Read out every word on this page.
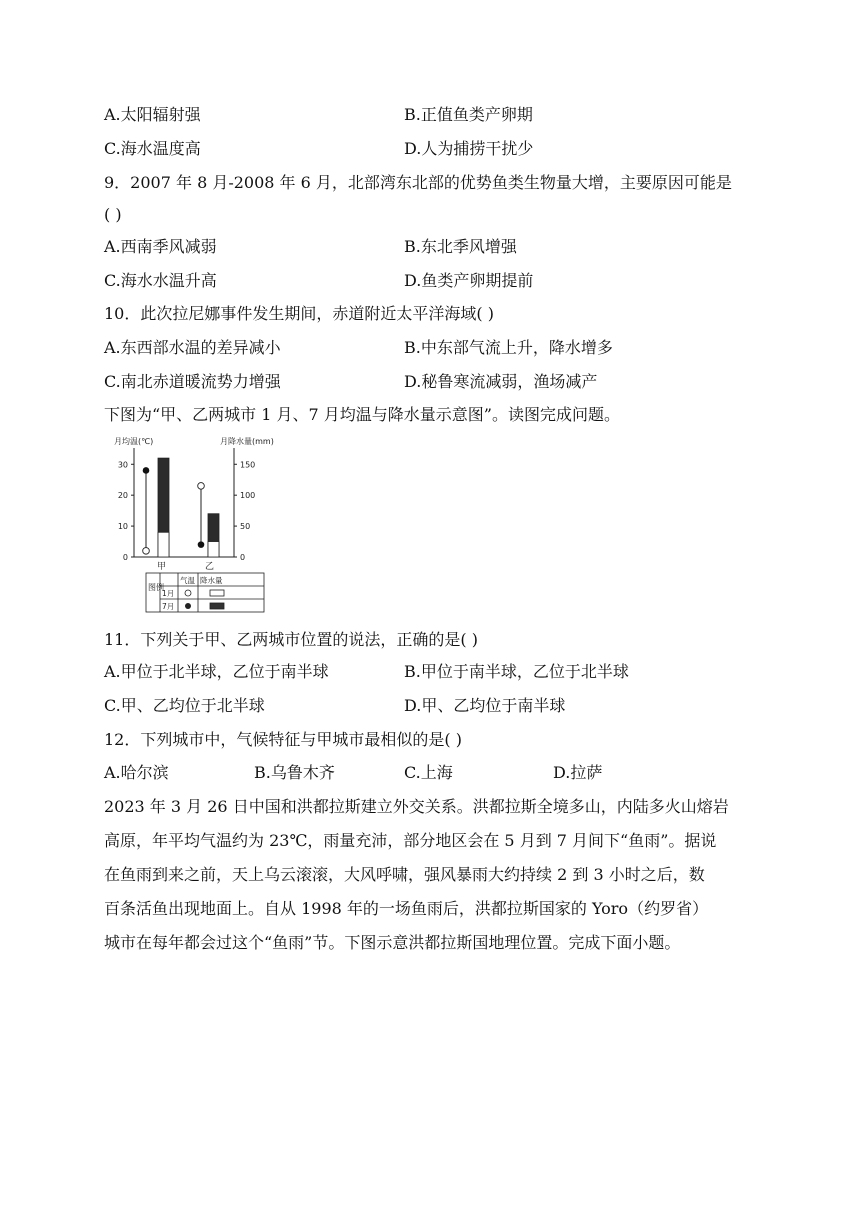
A.太阳辐射强	B.正值鱼类产卵期
C.海水温度高	D.人为捕捞干扰少
9．2007 年 8 月-2008 年 6 月，北部湾东北部的优势鱼类生物量大增，主要原因可能是
( )
A.西南季风减弱	B.东北季风增强
C.海水水温升高	D.鱼类产卵期提前
10．此次拉尼娜事件发生期间，赤道附近太平洋海域( )
A.东西部水温的差异减小	B.中东部气流上升，降水增多
C.南北赤道暖流势力增强	D.秘鲁寒流减弱，渔场减产
下图为“甲、乙两城市 1 月、7 月均温与降水量示意图”。读图完成问题。
月均温(℃)	月降水量(mm)
0
10
20
30
0
50
100
150
甲	乙
图例
气温 降水量
1月
7月
11．下列关于甲、乙两城市位置的说法，正确的是( )
A.甲位于北半球，乙位于南半球	B.甲位于南半球，乙位于北半球
C.甲、乙均位于北半球	D.甲、乙均位于南半球
12．下列城市中，气候特征与甲城市最相似的是( )
A.哈尔滨	B.乌鲁木齐	C.上海	D.拉萨
2023 年 3 月 26 日中国和洪都拉斯建立外交关系。洪都拉斯全境多山，内陆多火山熔岩
高原，年平均气温约为 23℃，雨量充沛，部分地区会在 5 月到 7 月间下“鱼雨”。据说
在鱼雨到来之前，天上乌云滚滚，大风呼啸，强风暴雨大约持续 2 到 3 小时之后，数
百条活鱼出现地面上。自从 1998 年的一场鱼雨后，洪都拉斯国家的 Yoro（约罗省）
城市在每年都会过这个“鱼雨”节。下图示意洪都拉斯国地理位置。完成下面小题。
